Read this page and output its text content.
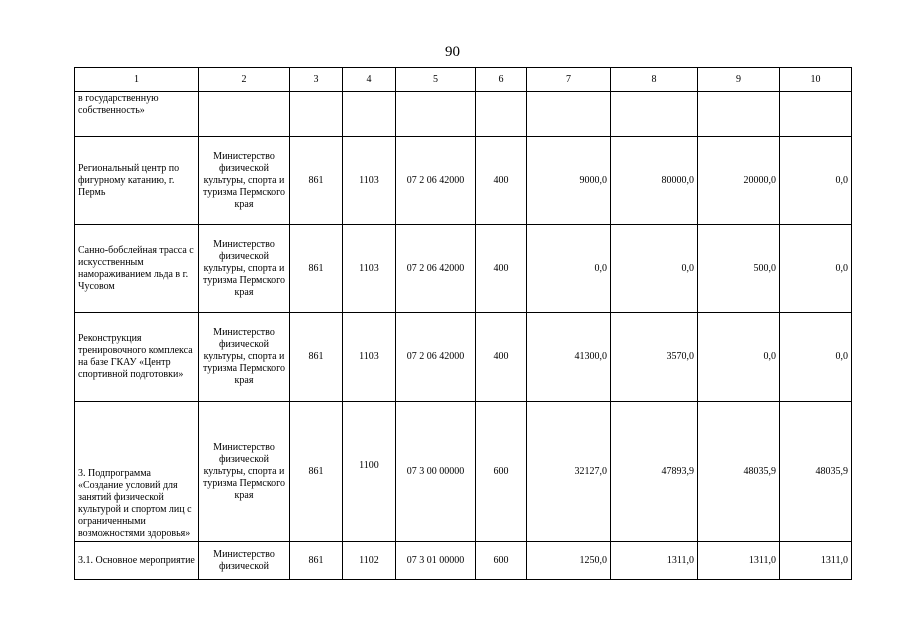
90
1	2	3	4	5	6	7	8	9	10
в государственную собственность»									
Региональный центр по фигурному катанию, г. Пермь	Министерство физической культуры, спорта и туризма Пермского края	861	1103	07 2 06 42000	400	9000,0	80000,0	20000,0	0,0
Санно-бобслейная трасса с искусственным намораживанием льда в г. Чусовом	Министерство физической культуры, спорта и туризма Пермского края	861	1103	07 2 06 42000	400	0,0	0,0	500,0	0,0
Реконструкция тренировочного комплекса на базе ГКАУ «Центр спортивной подготовки»	Министерство физической культуры, спорта и туризма Пермского края	861	1103	07 2 06 42000	400	41300,0	3570,0	0,0	0,0
3. Подпрограмма «Создание условий для занятий физической культурой и спортом лиц с ограниченными возможностями здоровья»	Министерство физической культуры, спорта и туризма Пермского края	861	1100	07 3 00 00000	600	32127,0	47893,9	48035,9	48035,9
3.1. Основное мероприятие	Министерство физической	861	1102	07 3 01 00000	600	1250,0	1311,0	1311,0	1311,0
